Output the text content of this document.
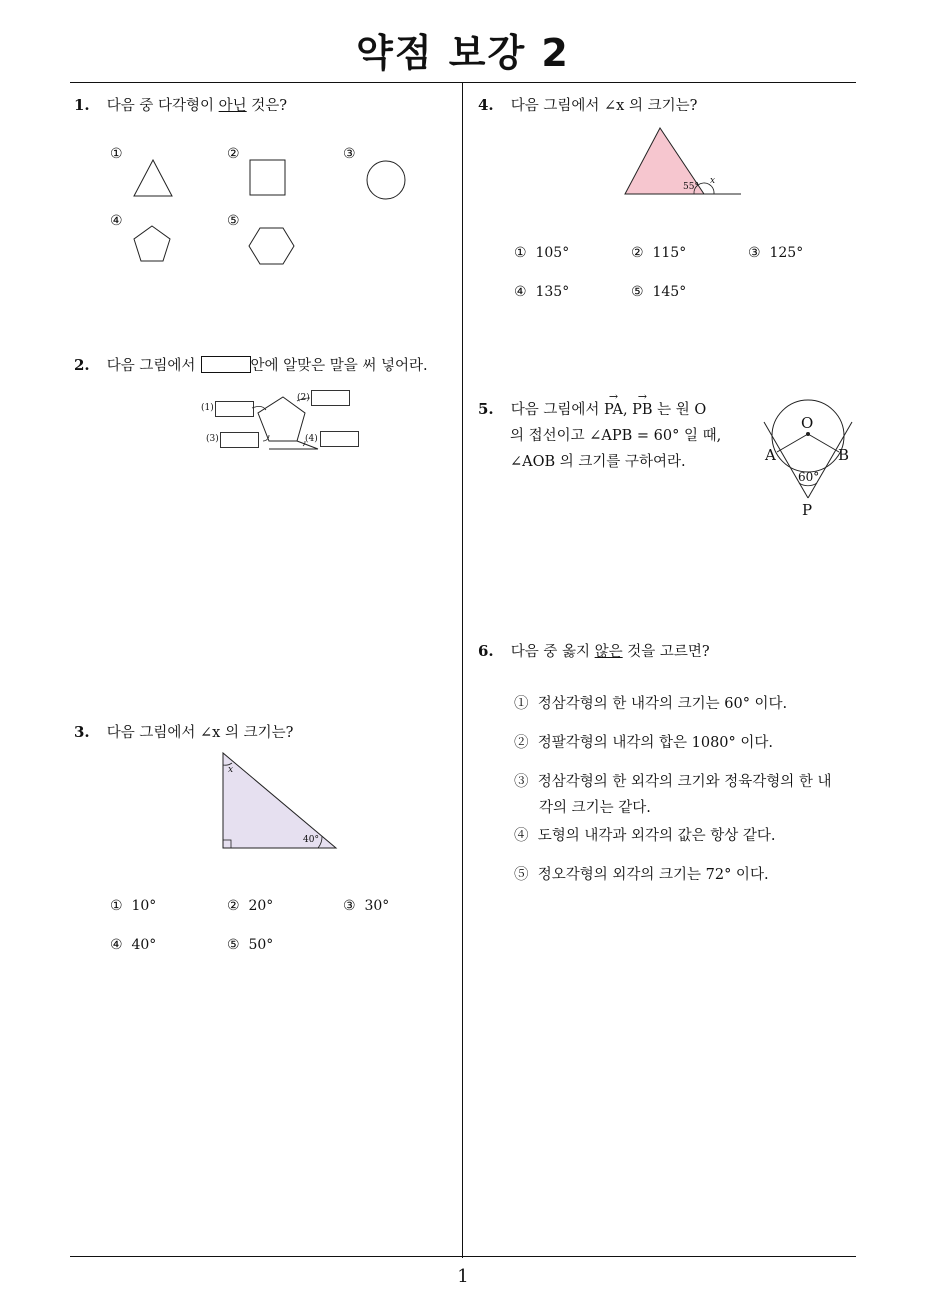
약점 보강 2
1
1. 다음 중 다각형이 아닌 것은?
①	②	③
④	⑤
2. 다음 그림에서	안에 알맞은 말을 써 넣어라.
(1)
(2)
(3)	(4)
3. 다음 그림에서 ∠x 의 크기는?
x
40°
① 10°	② 20°	③ 30°
④ 40°	⑤ 50°
4. 다음 그림에서 ∠x 의 크기는?
55°
x
① 105°	② 115°	③ 125°
④ 135°	⑤ 145°
5. 다음 그림에서 → PA, → PB 는 원 O
의 접선이고 ∠APB = 60° 일 때,
∠AOB 의 크기를 구하여라.
O
A	B
P
60°
6. 다음 중 옳지 않은 것을 고르면?
① 정삼각형의 한 내각의 크기는 60° 이다.
② 정팔각형의 내각의 합은 1080° 이다.
③ 정삼각형의 한 외각의 크기와 정육각형의 한 내
각의 크기는 같다.
④ 도형의 내각과 외각의 값은 항상 같다.
⑤ 정오각형의 외각의 크기는 72° 이다.
